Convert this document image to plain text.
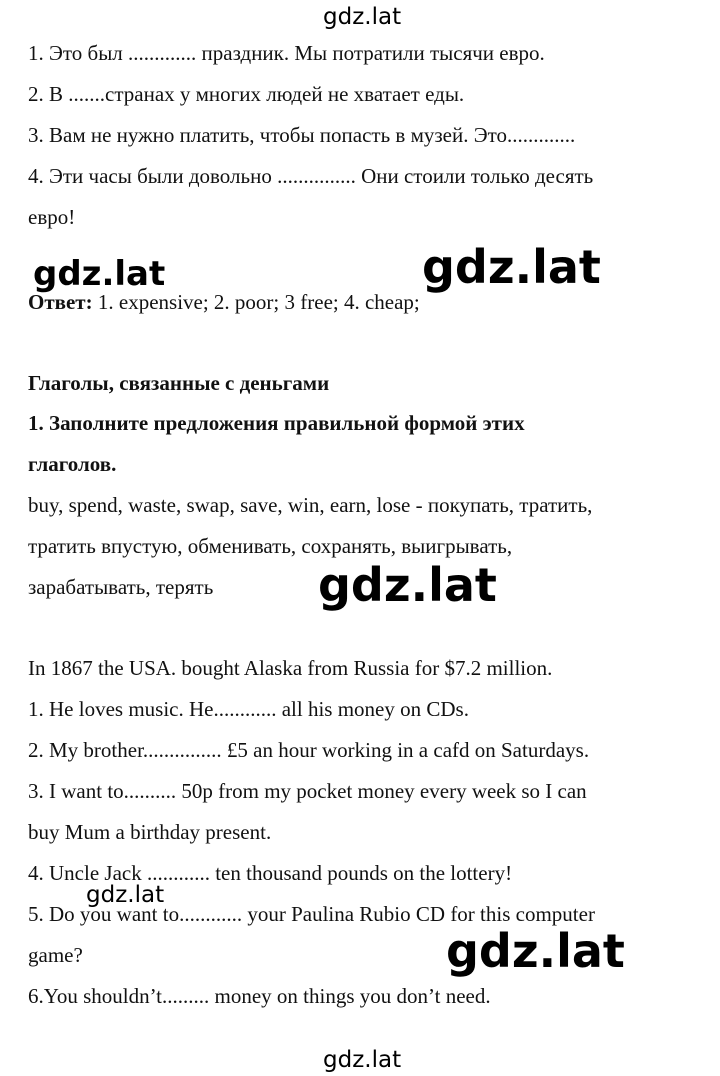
gdz.lat
1. Это был ............. праздник. Мы потратили тысячи евро.
2. В .......странах у многих людей не хватает еды.
3. Вам не нужно платить, чтобы попасть в музей. Это.............
4. Эти часы были довольно ............... Они стоили только десять
евро!
Ответ: 1. expensive; 2. poor; 3 free; 4. cheap;
gdz.lat	gdz.lat
Глаголы, связанные с деньгами
1. Заполните предложения правильной формой этих
глаголов.
buy, spend, waste, swap, save, win, earn, lose - покупать, тратить,
тратить впустую, обменивать, сохранять, выигрывать,
зарабатывать, терять gdz.lat
In 1867 the USA. bought Alaska from Russia for $7.2 million.
1. He loves music. He............ all his money on CDs.
2. My brother............... £5 an hour working in a cafd on Saturdays.
3. I want to.......... 50p from my pocket money every week so I can
buy Mum a birthday present.
4. Uncle Jack ............ ten thousand pounds on the lottery!
5. Do you want to............ your Paulina Rubio CD for this computer
game?
6.You shouldn’t......... money on things you don’t need.
gdz.lat
gdz.lat
gdz.lat
